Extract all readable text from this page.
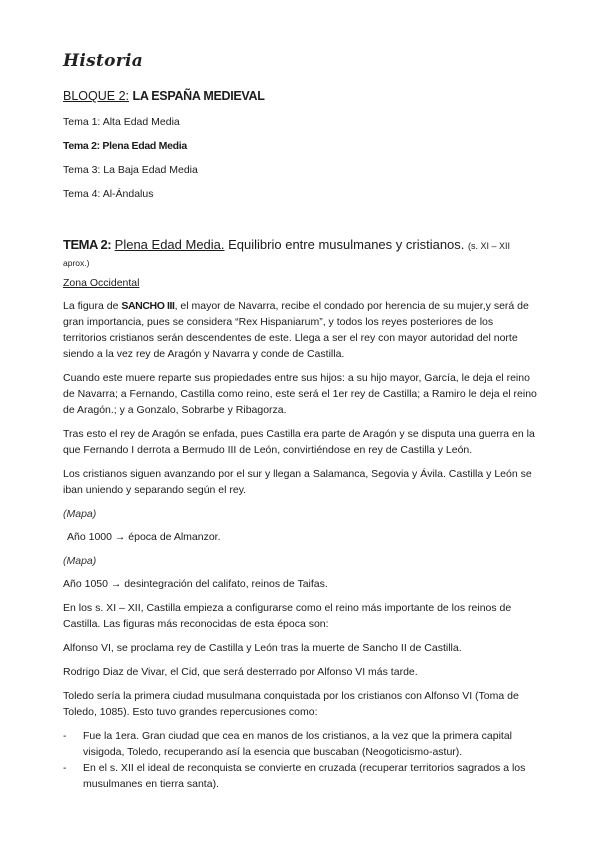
Historia
BLOQUE 2: LA ESPAÑA MEDIEVAL
Tema 1: Alta Edad Media
Tema 2: Plena Edad Media
Tema 3: La Baja Edad Media
Tema 4: Al-Ándalus
TEMA 2: Plena Edad Media. Equilibrio entre musulmanes y cristianos. (s. XI – XII
aprox.)
Zona Occidental

La figura de SANCHO III, el mayor de Navarra, recibe el condado por herencia de su mujer,y será de gran importancia, pues se considera “Rex Hispaniarum”, y todos los reyes posteriores de los territorios cristianos serán descendentes de este. Llega a ser el rey con mayor autoridad del norte siendo a la vez rey de Aragón y Navarra y conde de Castilla.

Cuando este muere reparte sus propiedades entre sus hijos: a su hijo mayor, García, le deja el reino de Navarra; a Fernando, Castilla como reino, este será el 1er rey de Castilla; a Ramiro le deja el reino de Aragón.; y a Gonzalo, Sobrarbe y Ribagorza.

Tras esto el rey de Aragón se enfada, pues Castilla era parte de Aragón y se disputa una guerra en la que Fernando I derrota a Bermudo III de León, convirtiéndose en rey de Castilla y León.

Los cristianos siguen avanzando por el sur y llegan a Salamanca, Segovia y Ávila. Castilla y León se iban uniendo y separando según el rey.

(Mapa)

Año 1000 → época de Almanzor.

(Mapa)

Año 1050 → desintegración del califato, reinos de Taifas.

En los s. XI – XII, Castilla empieza a configurarse como el reino más importante de los reinos de Castilla. Las figuras más reconocidas de esta época son:

Alfonso VI, se proclama rey de Castilla y León tras la muerte de Sancho II de Castilla.

Rodrigo Diaz de Vivar, el Cid, que será desterrado por Alfonso VI más tarde.

Toledo sería la primera ciudad musulmana conquistada por los cristianos con Alfonso VI (Toma de Toledo, 1085). Esto tuvo grandes repercusiones como:

- Fue la 1era. Gran ciudad que cea en manos de los cristianos, a la vez que la primera capital visigoda, Toledo, recuperando así la esencia que buscaban (Neogoticismo-astur).
- En el s. XII el ideal de reconquista se convierte en cruzada (recuperar territorios sagrados a los musulmanes en tierra santa).
